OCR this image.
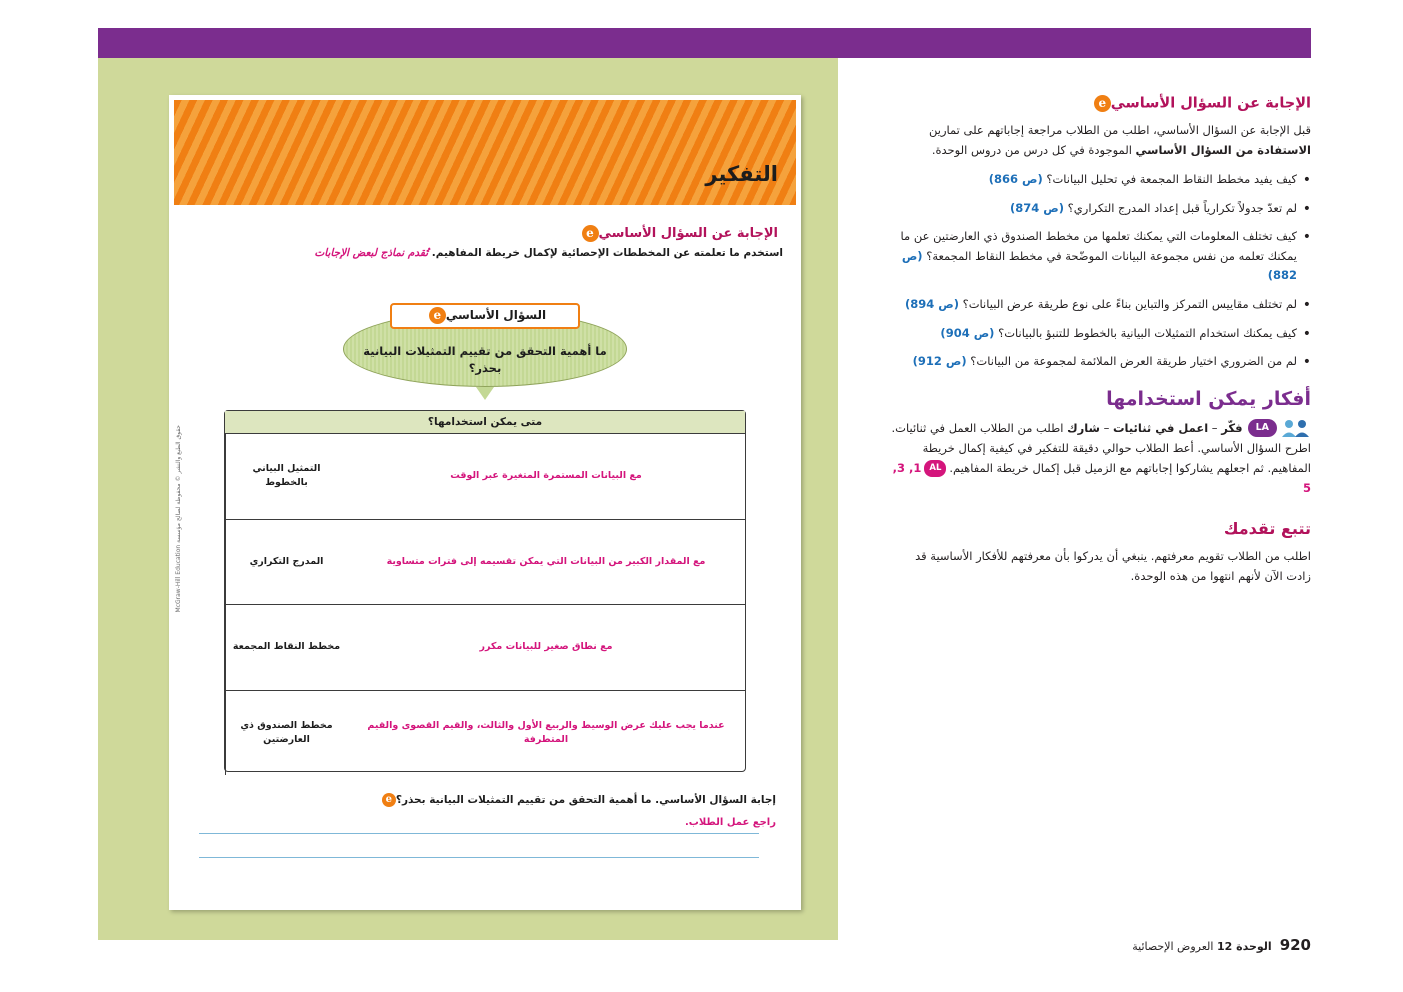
التفكير
الإجابة عن السؤال الأساسيe
استخدم ما تعلمته عن المخططات الإحصائية لإكمال خريطة المفاهيم. تُقدم نماذج لبعض الإجابات
السؤال الأساسيe
ما أهمية التحقق من تقييم التمثيلات البيانية بحذر؟
متى يمكن استخدامها؟
مع البيانات المستمرة المتغيرة عبر الوقت
التمثيل البياني بالخطوط
مع المقدار الكبير من البيانات التي يمكن تقسيمه إلى فترات متساوية
المدرج التكراري
مع نطاق صغير للبيانات مكرر
مخطط النقاط المجمعة
عندما يجب عليك عرض الوسيط والربيع الأول والثالث، والقيم القصوى والقيم المتطرفة
مخطط الصندوق ذي العارضتين
إجابة السؤال الأساسي. ما أهمية التحقق من تقييم التمثيلات البيانية بحذر؟e
راجع عمل الطلاب.
حقوق الطبع والنشر © محفوظة لصالح مؤسسة McGraw-Hill Education
الإجابة عن السؤال الأساسيe

قبل الإجابة عن السؤال الأساسي، اطلب من الطلاب مراجعة إجاباتهم على تمارين الاستفادة من السؤال الأساسي الموجودة في كل درس من دروس الوحدة.

• كيف يفيد مخطط النقاط المجمعة في تحليل البيانات؟ (ص 866)
• لم تعدّ جدولاً تكرارياً قبل إعداد المدرج التكراري؟ (ص 874)
• كيف تختلف المعلومات التي يمكنك تعلمها من مخطط الصندوق ذي العارضتين عن ما يمكنك تعلمه من نفس مجموعة البيانات الموضّحة في مخطط النقاط المجمعة؟ (ص 882)
• لم تختلف مقاييس التمركز والتباين بناءً على نوع طريقة عرض البيانات؟ (ص 894)
• كيف يمكنك استخدام التمثيلات البيانية بالخطوط للتنبؤ بالبيانات؟ (ص 904)
• لم من الضروري اختيار طريقة العرض الملائمة لمجموعة من البيانات؟ (ص 912)
أفكار يمكن استخدامها

LAفكّر – اعمل في ثنائيات – شارك اطلب من الطلاب العمل في ثنائيات. اطرح السؤال الأساسي. أعط الطلاب حوالي دقيقة للتفكير في كيفية إكمال خريطة المفاهيم. ثم اجعلهم يشاركوا إجاباتهم مع الزميل قبل إكمال خريطة المفاهيم.AL1, 3, 5

تتبع تقدمك

اطلب من الطلاب تقويم معرفتهم. ينبغي أن يدركوا بأن معرفتهم للأفكار الأساسية قد زادت الآن لأنهم انتهوا من هذه الوحدة.

920الوحدة 12 العروض الإحصائية
